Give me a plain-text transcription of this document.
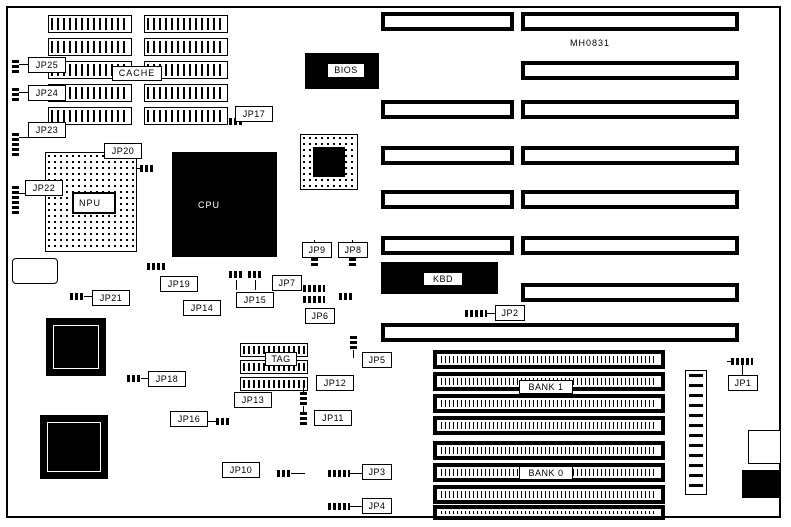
MH0831
KBD
CACHE	BIOS
CPU
NPU
TAG
BANK 1
BANK 0
JP25
JP24
JP23
JP22
JP21
JP20
JP19
JP18
JP17
JP16
JP15
JP14
JP13
JP12
JP11
JP10
JP9	JP8
JP7
JP6
JP5
JP4
JP3
JP2
JP1
